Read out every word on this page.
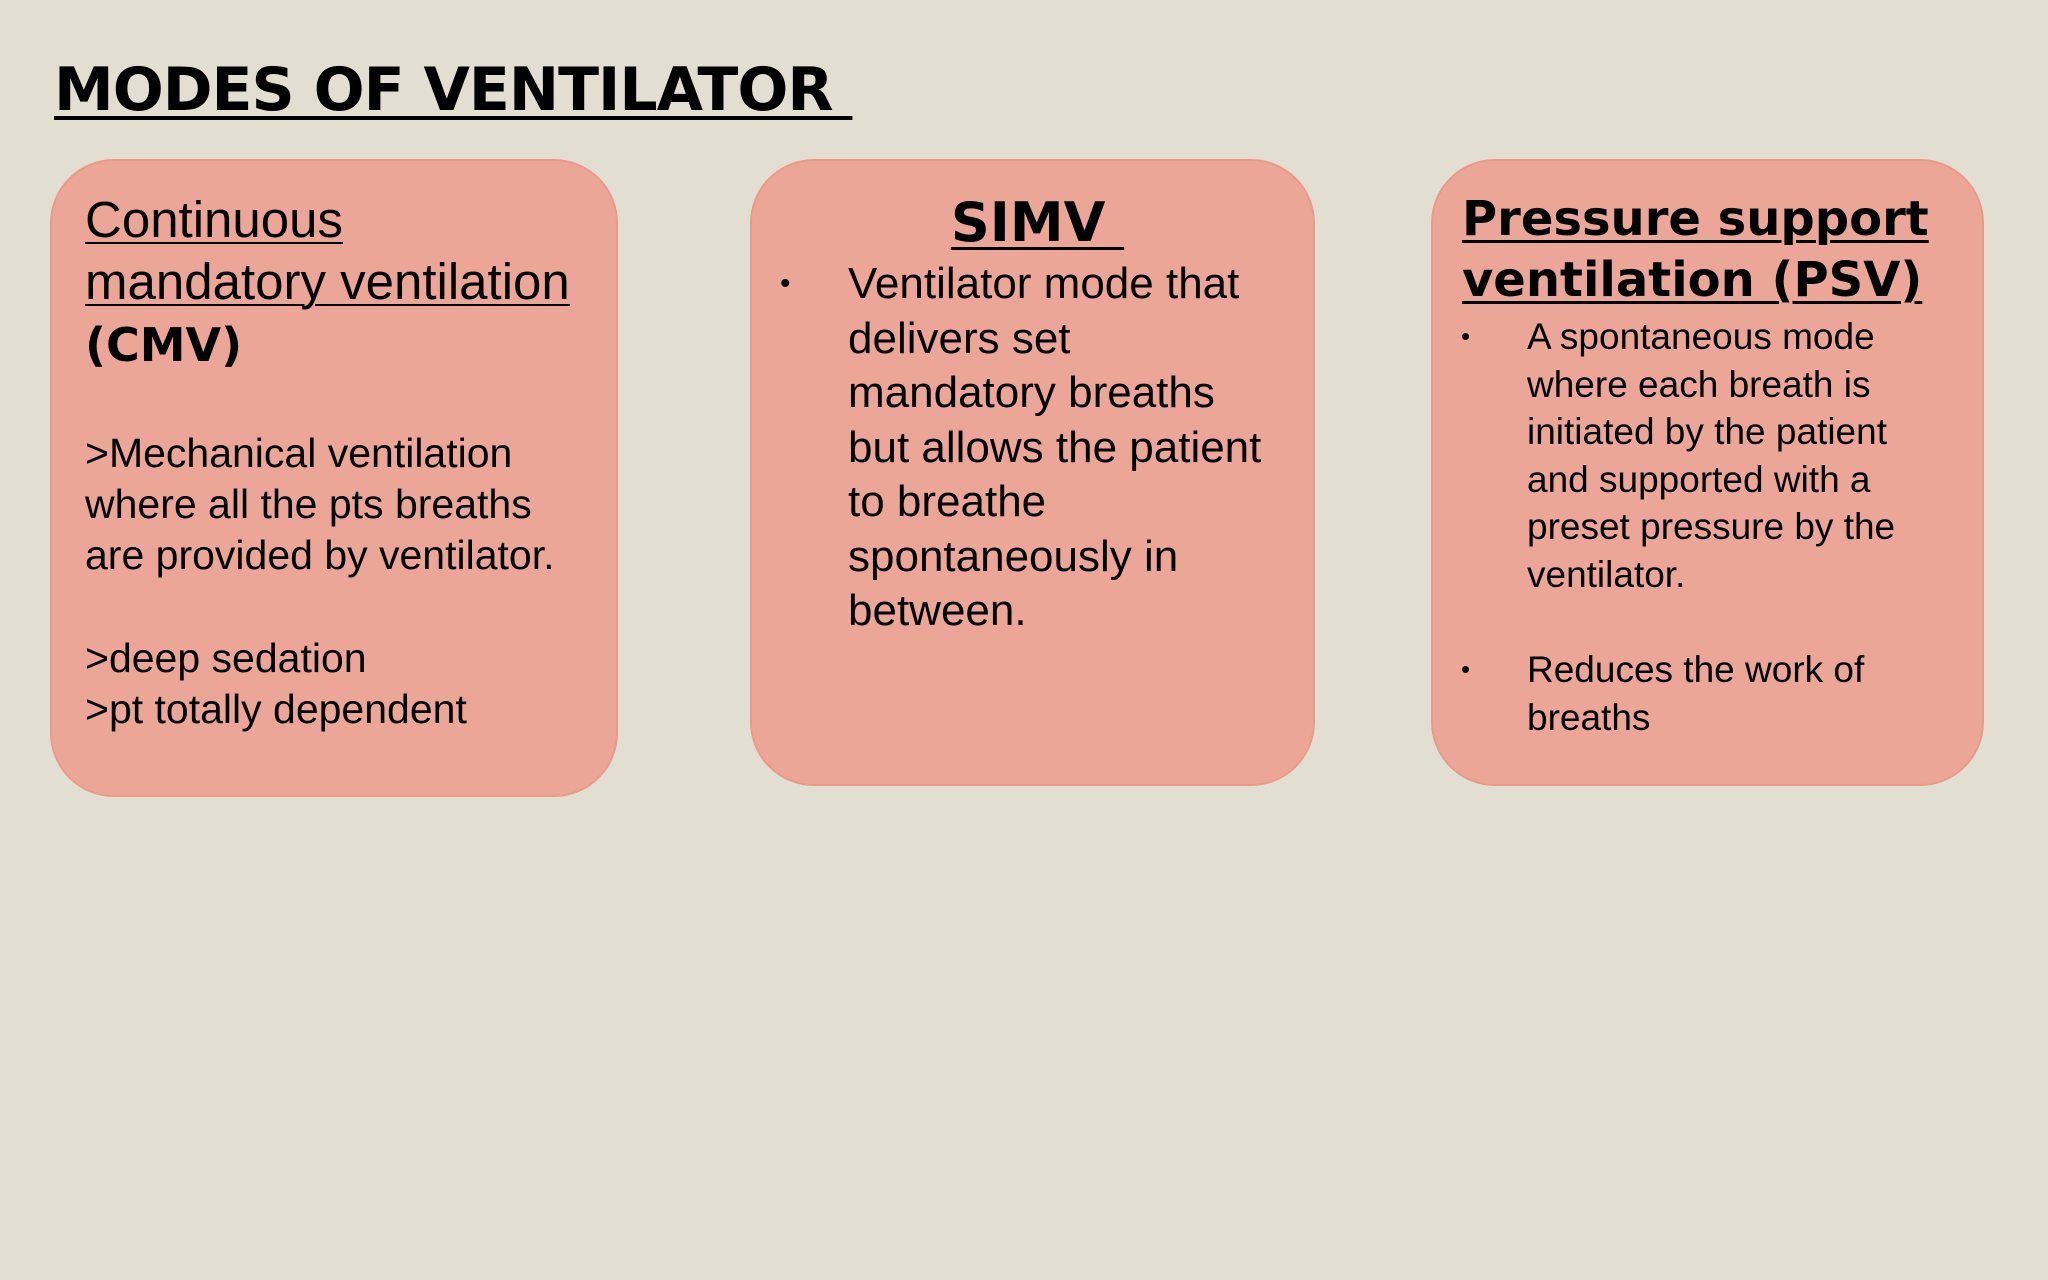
MODES OF VENTILATOR
Continuous
mandatory ventilation
(CMV)

>Mechanical ventilation
where all the pts breaths
are provided by ventilator.

>deep sedation
>pt totally dependent

SIMV
• Ventilator mode that
delivers set
mandatory breaths
but allows the patient
to breathe
spontaneously in
between.
Pressure support
ventilation (PSV)
• A spontaneous mode
where each breath is
initiated by the patient
and supported with a
preset pressure by the
ventilator.
• Reduces the work of
breaths
